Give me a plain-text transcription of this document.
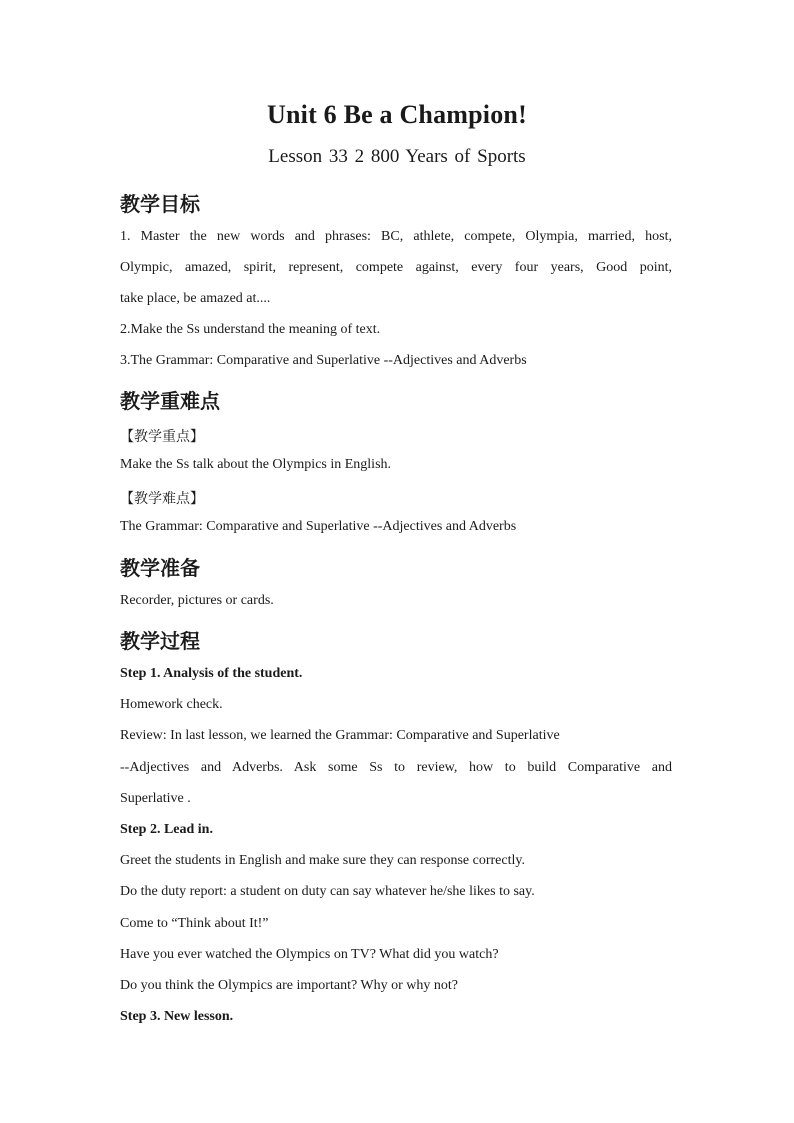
Unit 6 Be a Champion!
Lesson 33 2 800 Years of Sports
教学目标
1. Master the new words and phrases: BC, athlete, compete, Olympia, married, host,
Olympic, amazed, spirit, represent, compete against, every four years, Good point,
take place, be amazed at....
2.Make the Ss understand the meaning of text.
3.The Grammar: Comparative and Superlative --Adjectives and Adverbs
教学重难点
【教学重点】
Make the Ss talk about the Olympics in English.
【教学难点】
The Grammar: Comparative and Superlative --Adjectives and Adverbs
教学准备
Recorder, pictures or cards.
教学过程
Step 1. Analysis of the student.
Homework check.
Review: In last lesson, we learned the Grammar: Comparative and Superlative
--Adjectives and Adverbs. Ask some Ss to review, how to build Comparative and
Superlative .
Step 2. Lead in.
Greet the students in English and make sure they can response correctly.
Do the duty report: a student on duty can say whatever he/she likes to say.
Come to “Think about It!”
Have you ever watched the Olympics on TV? What did you watch?
Do you think the Olympics are important? Why or why not?
Step 3. New lesson.
